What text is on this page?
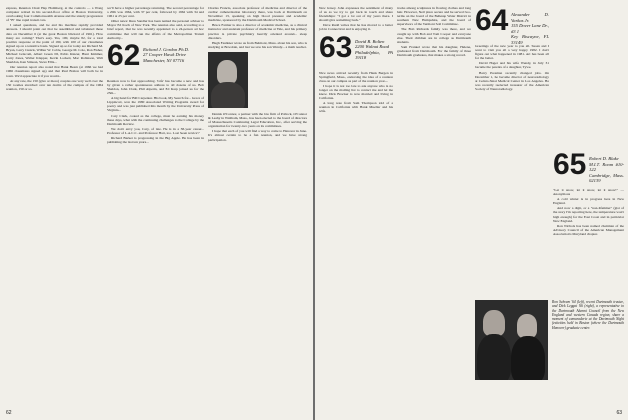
express, Reunion Chair Hap Holmberg, at the controls — a Wong computer retired in his second-floor office at Boston University, overlooking four Commonwealth Avenue and the stately progression of "B" line rapid transit cars.

I asked questions, and he and his machine rapidly provided answers. I should point out that he assembled and tabulated these data on December 6 (at the great Boston blizzard of 1961). How many are coming? That's easy. Yes, 100, maybe 82, for a total positive response at the point of 190, with 100 of our classmates signed up on a tentative basis. Signed up so far today are Richard M. Bryan, Larry Cusick, Wilbur W. Coble, George M. Cole, Ron Fisher, Michael Griscom, Albert Green III, Pablo Kinzer, Hunt Kimmer, Larry Jones, Walter Klepper, Kevin Lockett, Mac Robinson, Walt Sheridan, Ken Stinson, Steve Ellis...

Our reunion report also noted that Hank Bearn (at 1966 we had 1966 classmates signed up) and that Paul Bolton will both be in town. We'd appreciate it if you would...

At any rate, the 150 (give or more) couples one very well over the 150 roomes stretched over ten dorms of the campus of the 1964 reunion, 150 or so.

we'll have a higher percentage returning. The second percentage for a 20th was 1964, with 37 per cent, followed by 1962 with 34 and 1961 at 25 per cent.

Other news: Russ Sandler has been named the personal adviser to Mayor Ed Koch of New York. The reunion also said, according to a brief report, that he was recently appointed to a 24-person ad hoc committee that will run the affairs of the Metropolitan Transit Authority...

62 Richard J. Gordon Ph.D.
27 Cooper Hawk Drive
Manchester, NJ 07716

Reunion now is fast approaching. 'Life' has become a new and has by given a rather spontaneous address to all dozens of us. Bob Sheldon, John Clark, Phil Alperin, and Ed Karp joined us for the 25th...

A big hand for Bill Carpenter. His book, My Search for... Grace of Lippincott, won the 1980 Associated Writing Programs award for poetry and was just published this month by the University Press of Virginia...

Cary Clark, coated as the college, must be earning his money these days, what with the continuing challenges to the College by the Dartmouth Review.

We don't envy you, Cary, of late. He is in a 38-year career... Professor of L.A.C.C. and Professor Hart, too. Lost 'keen novice'?

Richard Barker is progressing in the Big Apple. He has been in publishing the last ten years...

Charles Francis, associate professor of medicine and director of the cardiac catheterization laboratory there, was back at Dartmouth on November 13, speaking on high blood pressure and academic medicine, sponsored by the Dartmouth Medical School.

Bruce Farmer is also a director of academic medicine, as a clinical instructor and assistant professor of medicine at Yale, and his primary practice is private psychiatry heavily oriented around... sleep disorders.

Hugh Faulkner wrote us from Belmont, Mass. about his son, who is studying at Bowdoin, and last we saw his son Wendy... a math teacher.

Dennis O'Connor, a partner with the law firm of Pollock, O'Connor & Leahy in Waltham, Mass., has been elected to the board of directors of Massachusetts Continuing Legal Education, Inc., after serving the organization for twenty-two years on its committees.

I hope that each of you will find a way to come to Hanover in June. It's almost certain to be a fun reunion, and we have strong participation.

62

New Jersey. John expresses the sentiment of many of us as we try to get back in touch and share friendships: "I got a lot out of my years there. I should give something back."

Dave Rudd writes that he has moved to a better job in Connecticut and is enjoying it.

63 David B. Bolten
2200 Walnut Road
Philadelphia, PA 19118

Nice news arrived recently from Hank Bergen in Springfield, Mass., endorsing the idea of a reunion class on our campus as part of the reunion year....

I hope it is not too late to ask anyone who is no longer on the mailing list to contact me and let me know. Dick Brocker is now married and living in California.

A long note from Sam Thompson told of a reunion in California with Hank Mueller and his wife.

tracks among sculptures in flowing clothes and long hair. However, Neil place secure and he served two-terms on the board of the Belknap Water District in southern New Hampshire, and the board of supervisors of the Vermont Soil Committee.

The Bob Richards family was there, and we caught up with Bob and Tom Cooper and everyone else. Their children are in college as Dartmouth students.

Sam Frankel wrote that his daughter, Helene, graduated from Dartmouth. For the family of three Dartmouth graduates, that makes a strong record.

64 Alexander D. Varkas Jr.
155 Dover Lane Dr., #3 1
Key Biscayne, FL 33149

Greetings of the new year to you all. Susan and I went to visit you all a very happy 1982. I don't figure out what happened in 1981. Art has been all for the better.

David Hager and his wife Wendy, in July 31 became the parents of a daughter, Tywe.

Barry Presman recently changed jobs. On December 1, he became director of neuroradiology at Cedars-Sinai Medical Center in Los Angeles. He was recently reelected treasurer of the American Society of Neuroradiology.

Ron Schram '64 (left), recent Dartmouth trustee, and Dick Leggat '66 (right), a representative to the Dartmouth Alumni Council from the New England and western Canada region, share a moment of camaraderie at the Dartmouth Night festivities held in Boston (where the Dartmouth Hanover) graduate center.
65 Robert D. Blake
M.I.T. Room #10-122
Cambridge, Mass. 02139

"Let it snow, let it snow, let it snow!" — Anonymous

A cold winter is in progress here in New England.

And now a digit, or a "non-lifetimer" (gist of the story I'm reporting here, the temperature won't high enough) for the East Coast and in particular New England.

Ron Nichols has been named chairman of the Advisory Council of the American Management Association's Maryland chapter.

63
